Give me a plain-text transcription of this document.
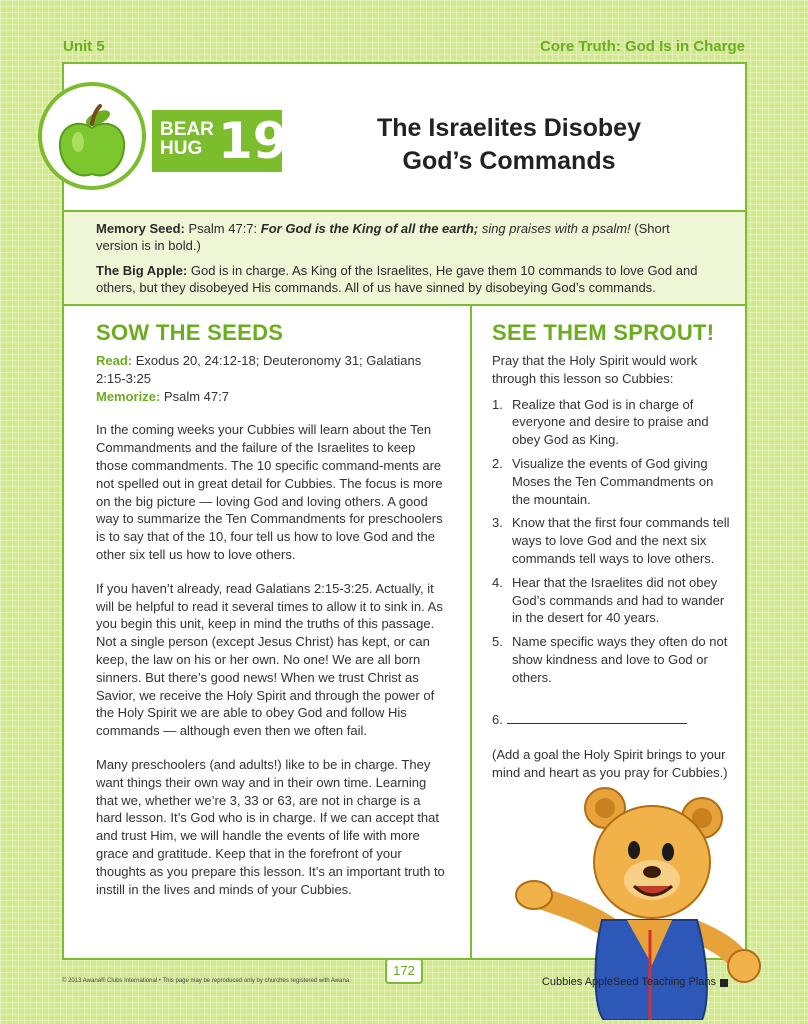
Unit 5	Core Truth: God Is in Charge
BEAR
HUG 19	The Israelites Disobey
God’s Commands

Memory Seed: Psalm 47:7: For God is the King of all the earth; sing praises with a psalm! (Short version is in bold.)

The Big Apple: God is in charge. As King of the Israelites, He gave them 10 commands to love God and others, but they disobeyed His commands. All of us have sinned by disobeying God’s commands.

SOW THE SEEDS
Read: Exodus 20, 24:12-18; Deuteronomy 31; Galatians 2:15-3:25
Memorize: Psalm 47:7

In the coming weeks your Cubbies will learn about the Ten Commandments and the failure of the Israelites to keep those commandments. The 10 specific command-ments are not spelled out in great detail for Cubbies. The focus is more on the big picture — loving God and loving others. A good way to summarize the Ten Commandments for preschoolers is to say that of the 10, four tell us how to love God and the other six tell us how to love others.

If you haven’t already, read Galatians 2:15-3:25. Actually, it will be helpful to read it several times to allow it to sink in. As you begin this unit, keep in mind the truths of this passage. Not a single person (except Jesus Christ) has kept, or can keep, the law on his or her own. No one! We are all born sinners. But there’s good news! When we trust Christ as Savior, we receive the Holy Spirit and through the power of the Holy Spirit we are able to obey God and follow His commands — although even then we often fail.

Many preschoolers (and adults!) like to be in charge. They want things their own way and in their own time. Learning that we, whether we’re 3, 33 or 63, are not in charge is a hard lesson. It’s God who is in charge. If we can accept that and trust Him, we will handle the events of life with more grace and gratitude. Keep that in the forefront of your thoughts as you prepare this lesson. It’s an important truth to instill in the lives and minds of your Cubbies.

SEE THEM SPROUT!

Pray that the Holy Spirit would work through this lesson so Cubbies:

1. Realize that God is in charge of everyone and desire to praise and obey God as King.
2. Visualize the events of God giving Moses the Ten Commandments on the mountain.
3. Know that the first four commands tell ways to love God and the next six commands tell ways to love others.
4. Hear that the Israelites did not obey God’s commands and had to wander in the desert for 40 years.
5. Name specific ways they often do not show kindness and love to God or others.

6.

(Add a goal the Holy Spirit brings to your mind and heart as you pray for Cubbies.)

172
© 2013 Awana® Clubs International • This page may be reproduced only by churches registered with Awana.	Cubbies AppleSeed Teaching Plans
